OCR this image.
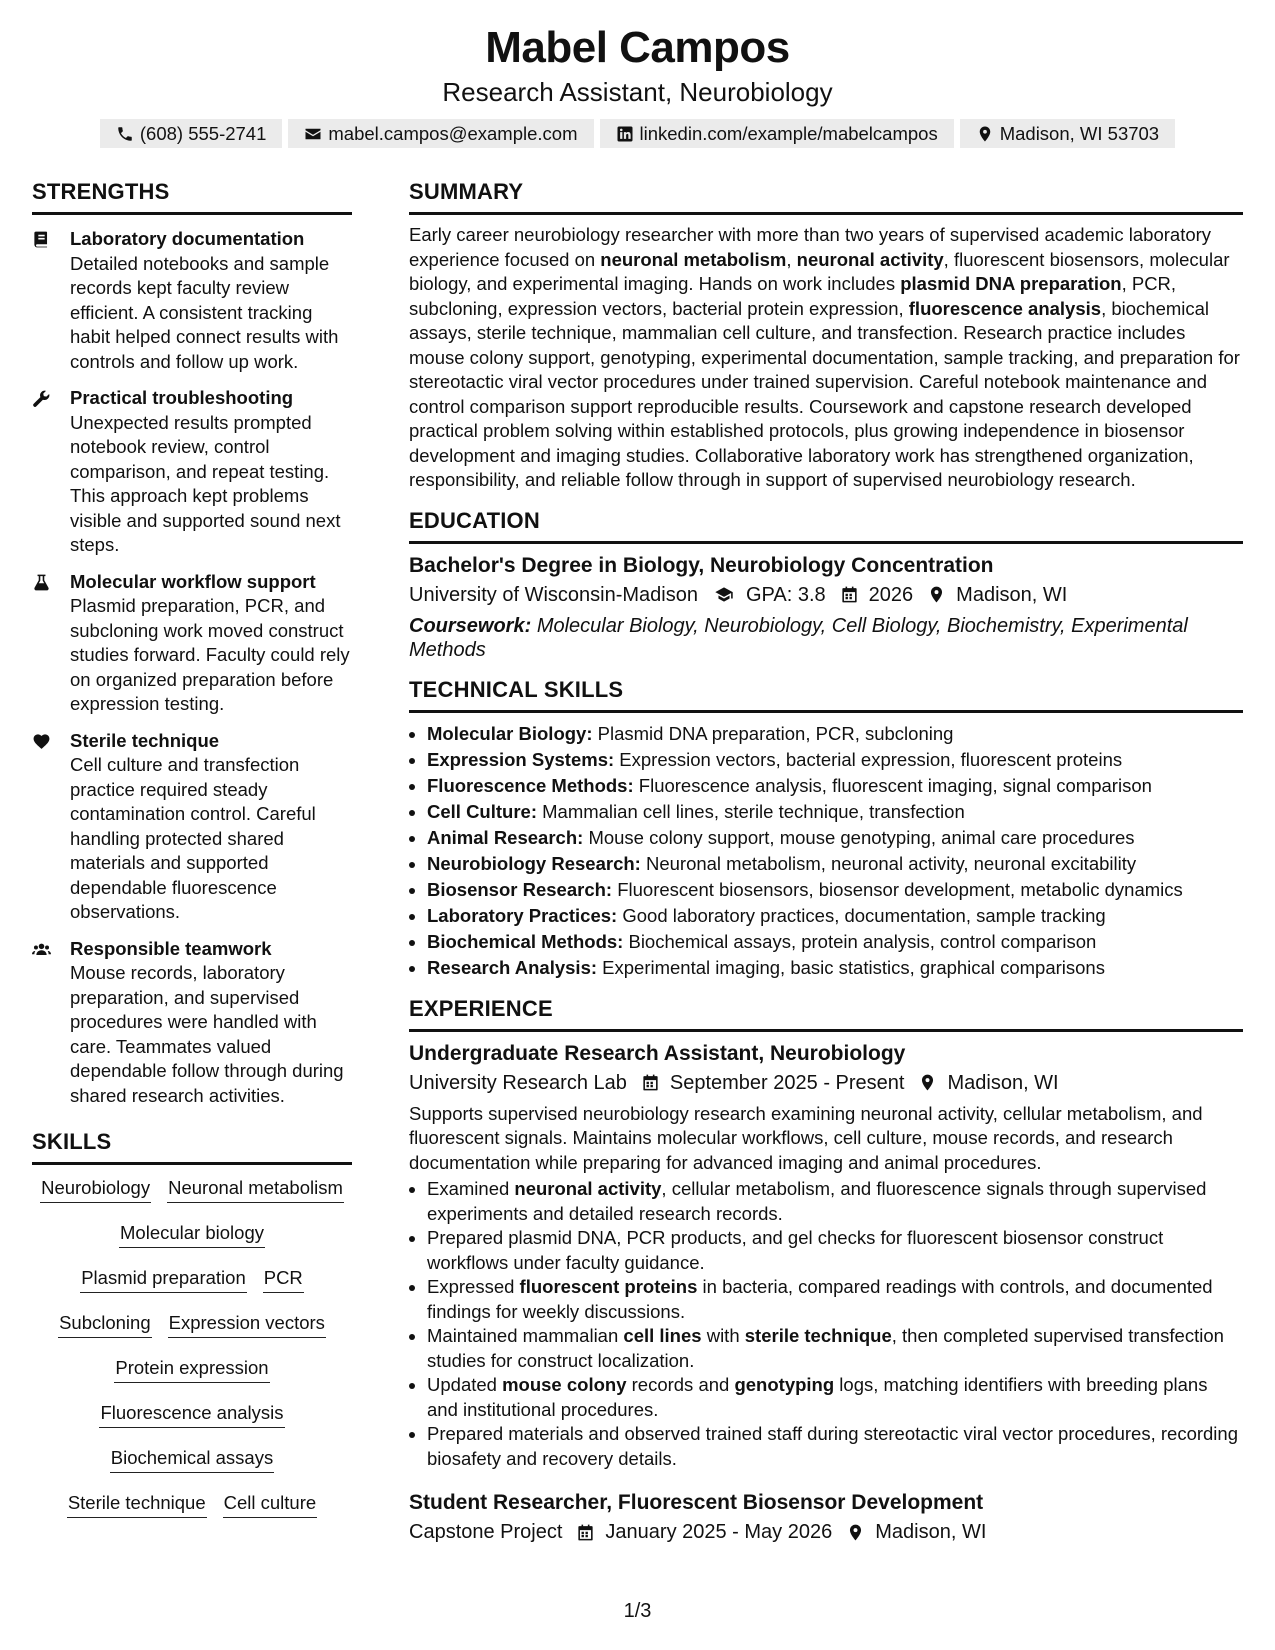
Mabel Campos
Research Assistant, Neurobiology
(608) 555-2741	mabel.campos@example.com	linkedin.com/example/mabelcampos	Madison, WI 53703
STRENGTHS
Laboratory documentation
Detailed notebooks and sample records kept faculty review efficient. A consistent tracking habit helped connect results with controls and follow up work.
Practical troubleshooting
Unexpected results prompted notebook review, control comparison, and repeat testing. This approach kept problems visible and supported sound next steps.
Molecular workflow support
Plasmid preparation, PCR, and subcloning work moved construct studies forward. Faculty could rely on organized preparation before expression testing.
Sterile technique
Cell culture and transfection practice required steady contamination control. Careful handling protected shared materials and supported dependable fluorescence observations.
Responsible teamwork
Mouse records, laboratory preparation, and supervised procedures were handled with care. Teammates valued dependable follow through during shared research activities.
SKILLS
Neurobiology Neuronal metabolism
Molecular biology
Plasmid preparation PCR
Subcloning Expression vectors
Protein expression
Fluorescence analysis
Biochemical assays
Sterile technique Cell culture
SUMMARY
Early career neurobiology researcher with more than two years of supervised academic laboratory experience focused on neuronal metabolism, neuronal activity, fluorescent biosensors, molecular biology, and experimental imaging. Hands on work includes plasmid DNA preparation, PCR, subcloning, expression vectors, bacterial protein expression, fluorescence analysis, biochemical assays, sterile technique, mammalian cell culture, and transfection. Research practice includes mouse colony support, genotyping, experimental documentation, sample tracking, and preparation for stereotactic viral vector procedures under trained supervision. Careful notebook maintenance and control comparison support reproducible results. Coursework and capstone research developed practical problem solving within established protocols, plus growing independence in biosensor development and imaging studies. Collaborative laboratory work has strengthened organization, responsibility, and reliable follow through in support of supervised neurobiology research.
EDUCATION
Bachelor's Degree in Biology, Neurobiology Concentration
University of Wisconsin-Madison GPA: 3.8 2026 Madison, WI
Coursework: Molecular Biology, Neurobiology, Cell Biology, Biochemistry, Experimental Methods
TECHNICAL SKILLS
• Molecular Biology: Plasmid DNA preparation, PCR, subcloning
• Expression Systems: Expression vectors, bacterial expression, fluorescent proteins
• Fluorescence Methods: Fluorescence analysis, fluorescent imaging, signal comparison
• Cell Culture: Mammalian cell lines, sterile technique, transfection
• Animal Research: Mouse colony support, mouse genotyping, animal care procedures
• Neurobiology Research: Neuronal metabolism, neuronal activity, neuronal excitability
• Biosensor Research: Fluorescent biosensors, biosensor development, metabolic dynamics
• Laboratory Practices: Good laboratory practices, documentation, sample tracking
• Biochemical Methods: Biochemical assays, protein analysis, control comparison
• Research Analysis: Experimental imaging, basic statistics, graphical comparisons
EXPERIENCE
Undergraduate Research Assistant, Neurobiology
University Research Lab September 2025 - Present Madison, WI
Supports supervised neurobiology research examining neuronal activity, cellular metabolism, and fluorescent signals. Maintains molecular workflows, cell culture, mouse records, and research documentation while preparing for advanced imaging and animal procedures.
• Examined neuronal activity, cellular metabolism, and fluorescence signals through supervised experiments and detailed research records.
• Prepared plasmid DNA, PCR products, and gel checks for fluorescent biosensor construct workflows under faculty guidance.
• Expressed fluorescent proteins in bacteria, compared readings with controls, and documented findings for weekly discussions.
• Maintained mammalian cell lines with sterile technique, then completed supervised transfection studies for construct localization.
• Updated mouse colony records and genotyping logs, matching identifiers with breeding plans and institutional procedures.
• Prepared materials and observed trained staff during stereotactic viral vector procedures, recording biosafety and recovery details.
Student Researcher, Fluorescent Biosensor Development
Capstone Project January 2025 - May 2026 Madison, WI
1/3
